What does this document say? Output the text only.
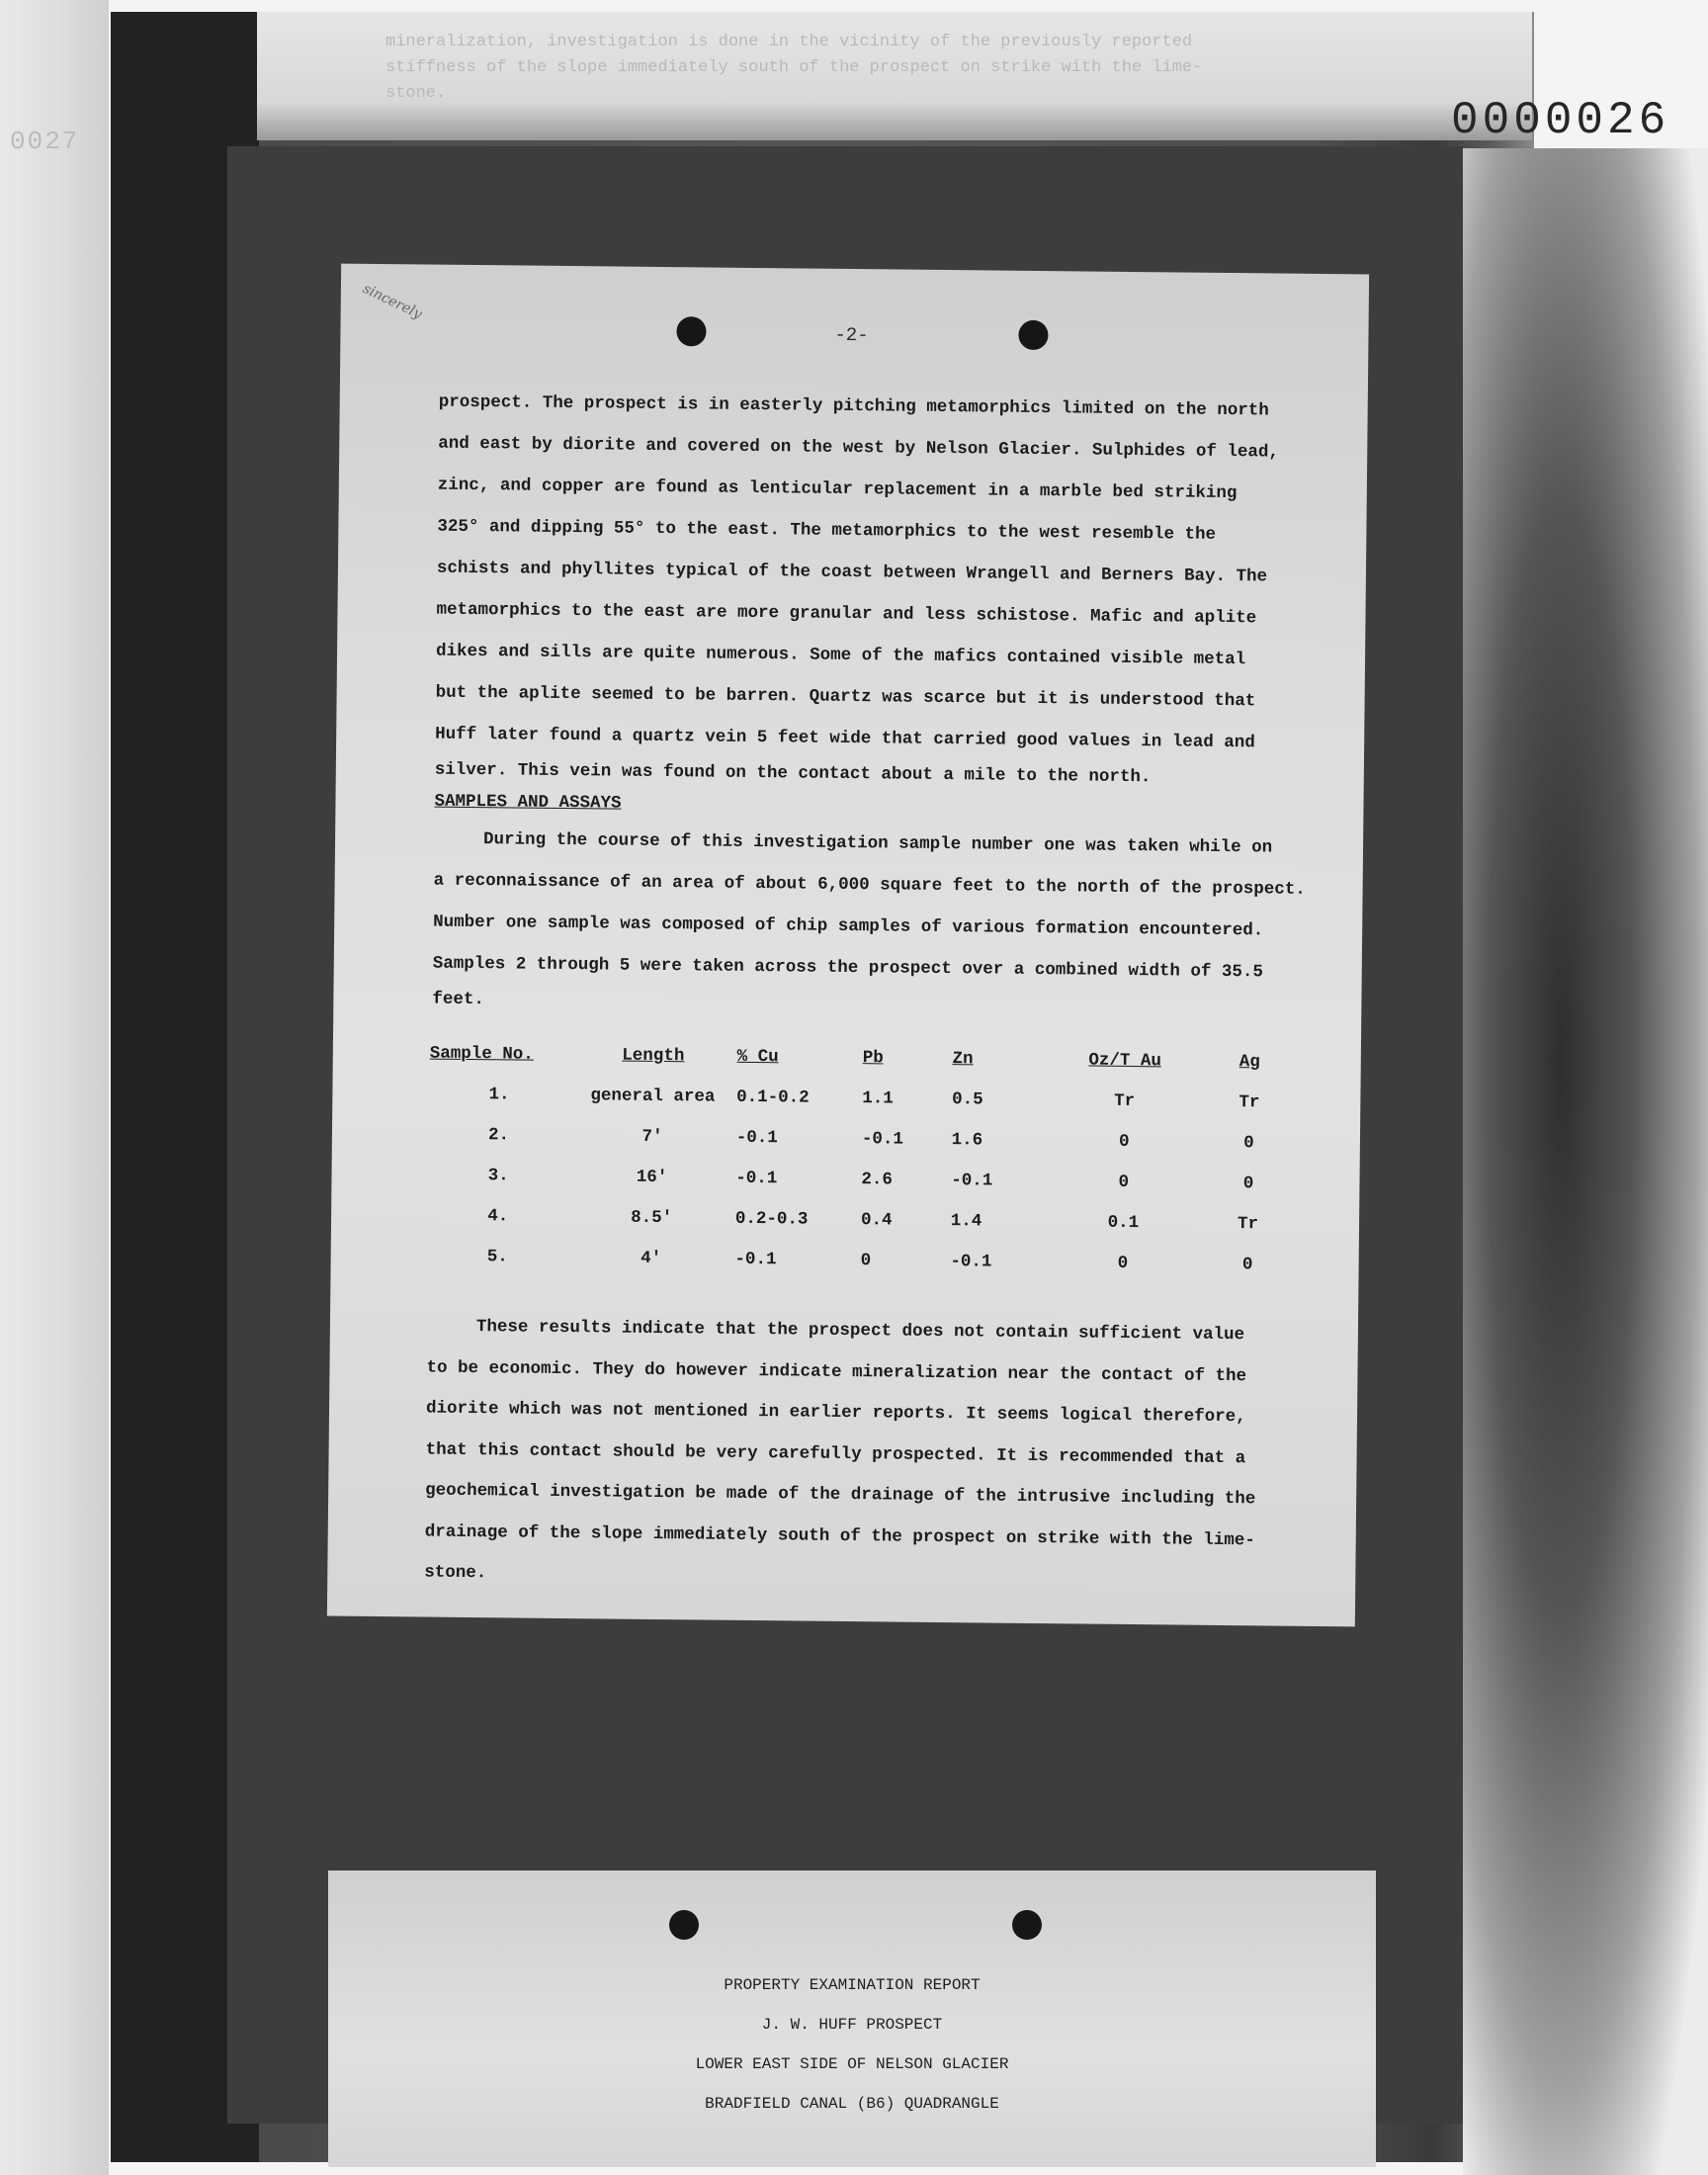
0027
mineralization, investigation is done in the vicinity of the previously reported
stiffness of the slope immediately south of the prospect on strike with the lime-
stone.
0000026
sincerely
-2-

prospect. The prospect is in easterly pitching metamorphics limited on the north

and east by diorite and covered on the west by Nelson Glacier. Sulphides of lead,

zinc, and copper are found as lenticular replacement in a marble bed striking

325° and dipping 55° to the east. The metamorphics to the west resemble the

schists and phyllites typical of the coast between Wrangell and Berners Bay. The

metamorphics to the east are more granular and less schistose. Mafic and aplite

dikes and sills are quite numerous. Some of the mafics contained visible metal

but the aplite seemed to be barren. Quartz was scarce but it is understood that

Huff later found a quartz vein 5 feet wide that carried good values in lead and

silver. This vein was found on the contact about a mile to the north.

SAMPLES AND ASSAYS

During the course of this investigation sample number one was taken while on

a reconnaissance of an area of about 6,000 square feet to the north of the prospect.

Number one sample was composed of chip samples of various formation encountered.

Samples 2 through 5 were taken across the prospect over a combined width of 35.5

feet.

Sample No.	Length	% Cu	Pb	Zn	Oz/T Au	Ag
1.	general area	0.1-0.2	1.1	0.5	Tr	Tr
2.	7'	-0.1	-0.1	1.6	0	0
3.	16'	-0.1	2.6	-0.1	0	0
4.	8.5'	0.2-0.3	0.4	1.4	0.1	Tr
5.	4'	-0.1	0	-0.1	0	0

These results indicate that the prospect does not contain sufficient value

to be economic. They do however indicate mineralization near the contact of the

diorite which was not mentioned in earlier reports. It seems logical therefore,

that this contact should be very carefully prospected. It is recommended that a

geochemical investigation be made of the drainage of the intrusive including the

drainage of the slope immediately south of the prospect on strike with the lime-

stone.

PROPERTY EXAMINATION REPORT

J. W. HUFF PROSPECT

LOWER EAST SIDE OF NELSON GLACIER

BRADFIELD CANAL (B6) QUADRANGLE
